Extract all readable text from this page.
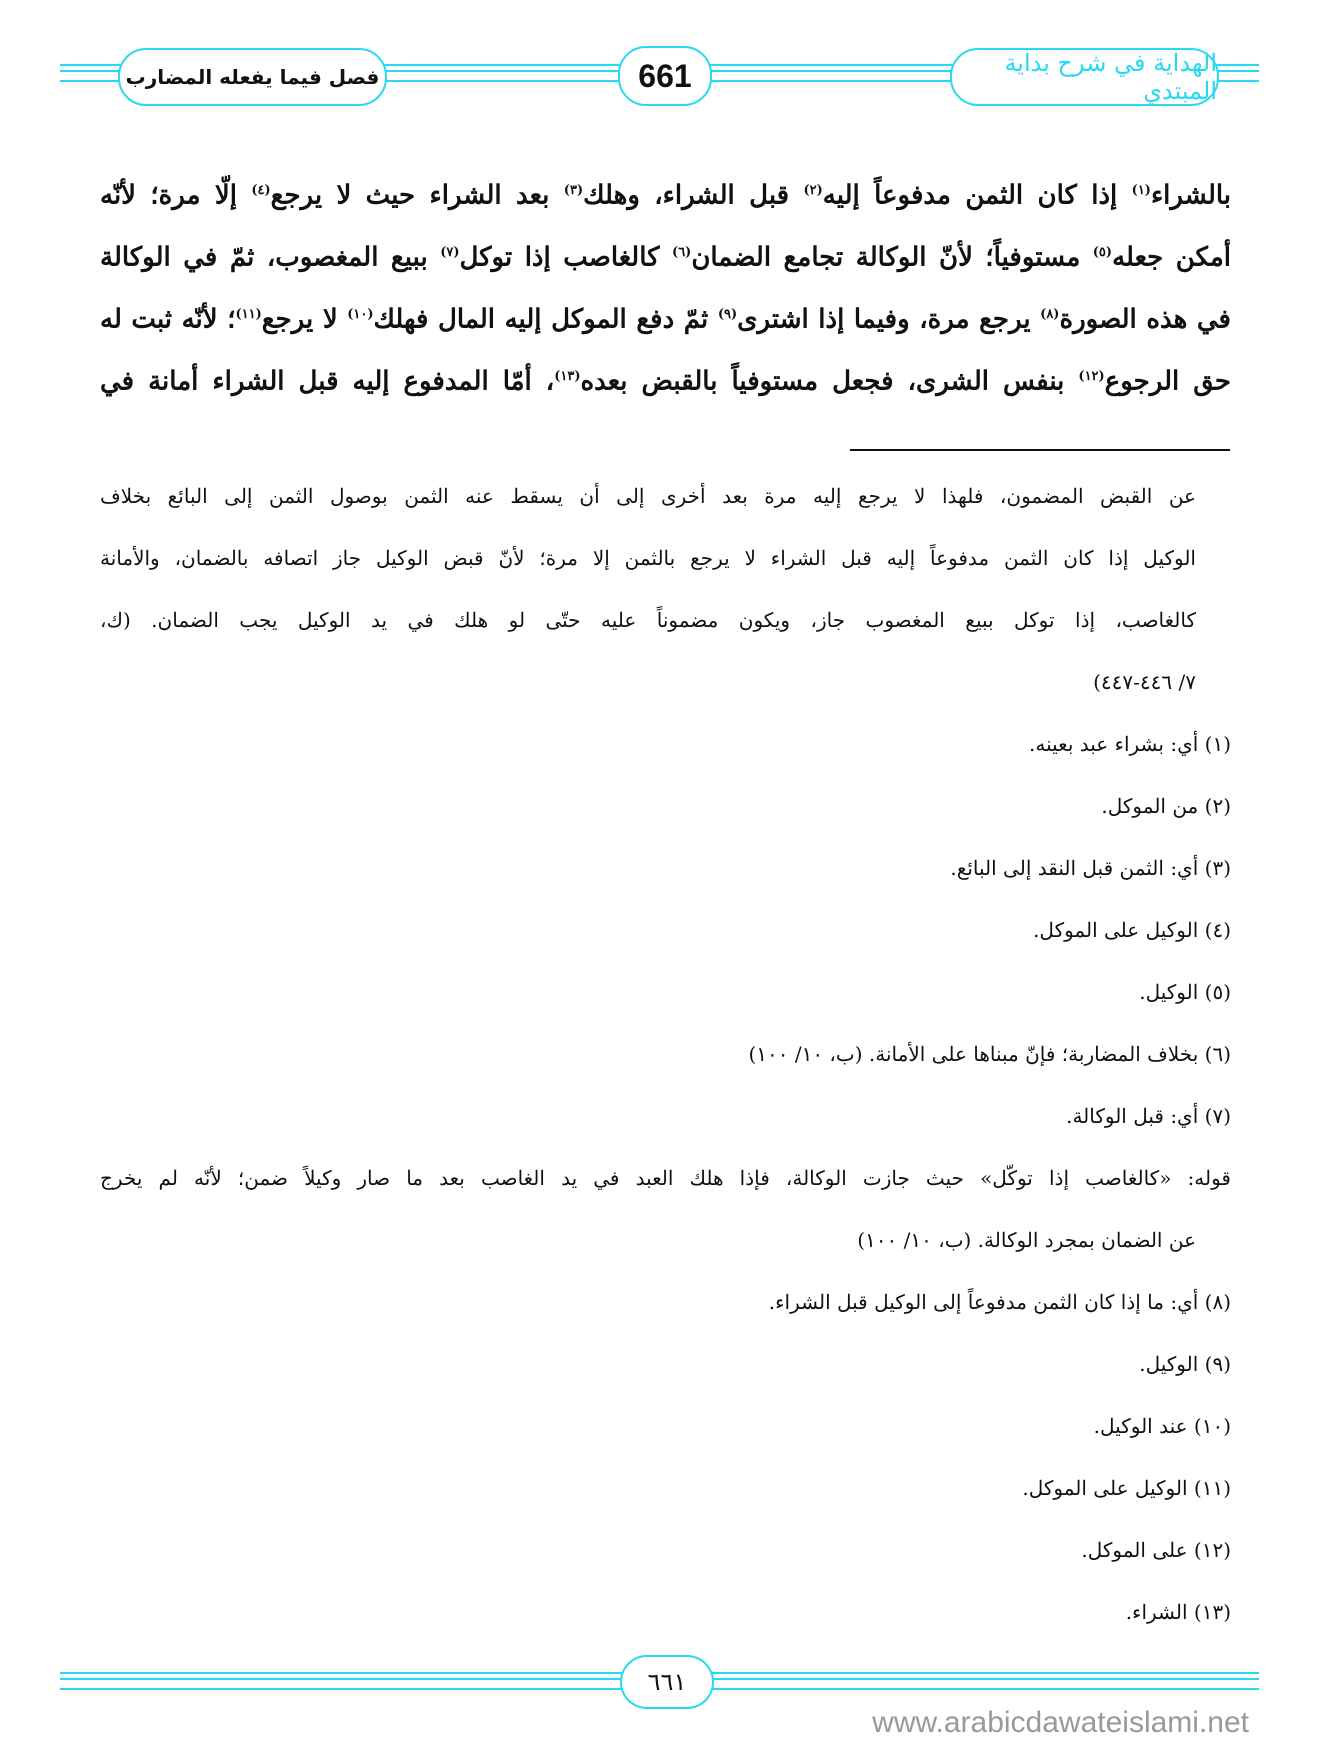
فصل فيما يفعله المضارب	661	الهداية في شرح بداية المبتدي
بالشراء$^{(١)}$ إذا كان الثمن مدفوعاً إليه$^{(٢)}$ قبل الشراء، وهلك$^{(٣)}$ بعد الشراء حيث لا يرجع$^{(٤)}$ إلّا مرة؛ لأنّه
أمكن جعله$^{(٥)}$ مستوفياً؛ لأنّ الوكالة تجامع الضمان$^{(٦)}$ كالغاصب إذا توكل$^{(٧)}$ ببيع المغصوب، ثمّ في الوكالة
في هذه الصورة$^{(٨)}$ يرجع مرة، وفيما إذا اشترى$^{(٩)}$ ثمّ دفع الموكل إليه المال فهلك$^{(١٠)}$ لا يرجع$^{(١١)}$؛ لأنّه ثبت له
حق الرجوع$^{(١٢)}$ بنفس الشرى، فجعل مستوفياً بالقبض بعده$^{(١٣)}$، أمّا المدفوع إليه قبل الشراء أمانة في
عن القبض المضمون، فلهذا لا يرجع إليه مرة بعد أخرى إلى أن يسقط عنه الثمن بوصول الثمن إلى البائع بخلاف
الوكيل إذا كان الثمن مدفوعاً إليه قبل الشراء لا يرجع بالثمن إلا مرة؛ لأنّ قبض الوكيل جاز اتصافه بالضمان، والأمانة
كالغاصب، إذا توكل ببيع المغصوب جاز، ويكون مضموناً عليه حتّى لو هلك في يد الوكيل يجب الضمان. (ك،
٧/ ٤٤٦-٤٤٧)
(١) أي: بشراء عبد بعينه.
(٢) من الموكل.
(٣) أي: الثمن قبل النقد إلى البائع.
(٤) الوكيل على الموكل.
(٥) الوكيل.
(٦) بخلاف المضاربة؛ فإنّ مبناها على الأمانة. (ب، ١٠/ ١٠٠)
(٧) أي: قبل الوكالة.
قوله: «كالغاصب إذا توكّل» حيث جازت الوكالة، فإذا هلك العبد في يد الغاصب بعد ما صار وكيلاً ضمن؛ لأنّه لم يخرج
عن الضمان بمجرد الوكالة. (ب، ١٠/ ١٠٠)
(٨) أي: ما إذا كان الثمن مدفوعاً إلى الوكيل قبل الشراء.
(٩) الوكيل.
(١٠) عند الوكيل.
(١١) الوكيل على الموكل.
(١٢) على الموكل.
(١٣) الشراء.
٦٦١
www.arabicdawateislami.net
